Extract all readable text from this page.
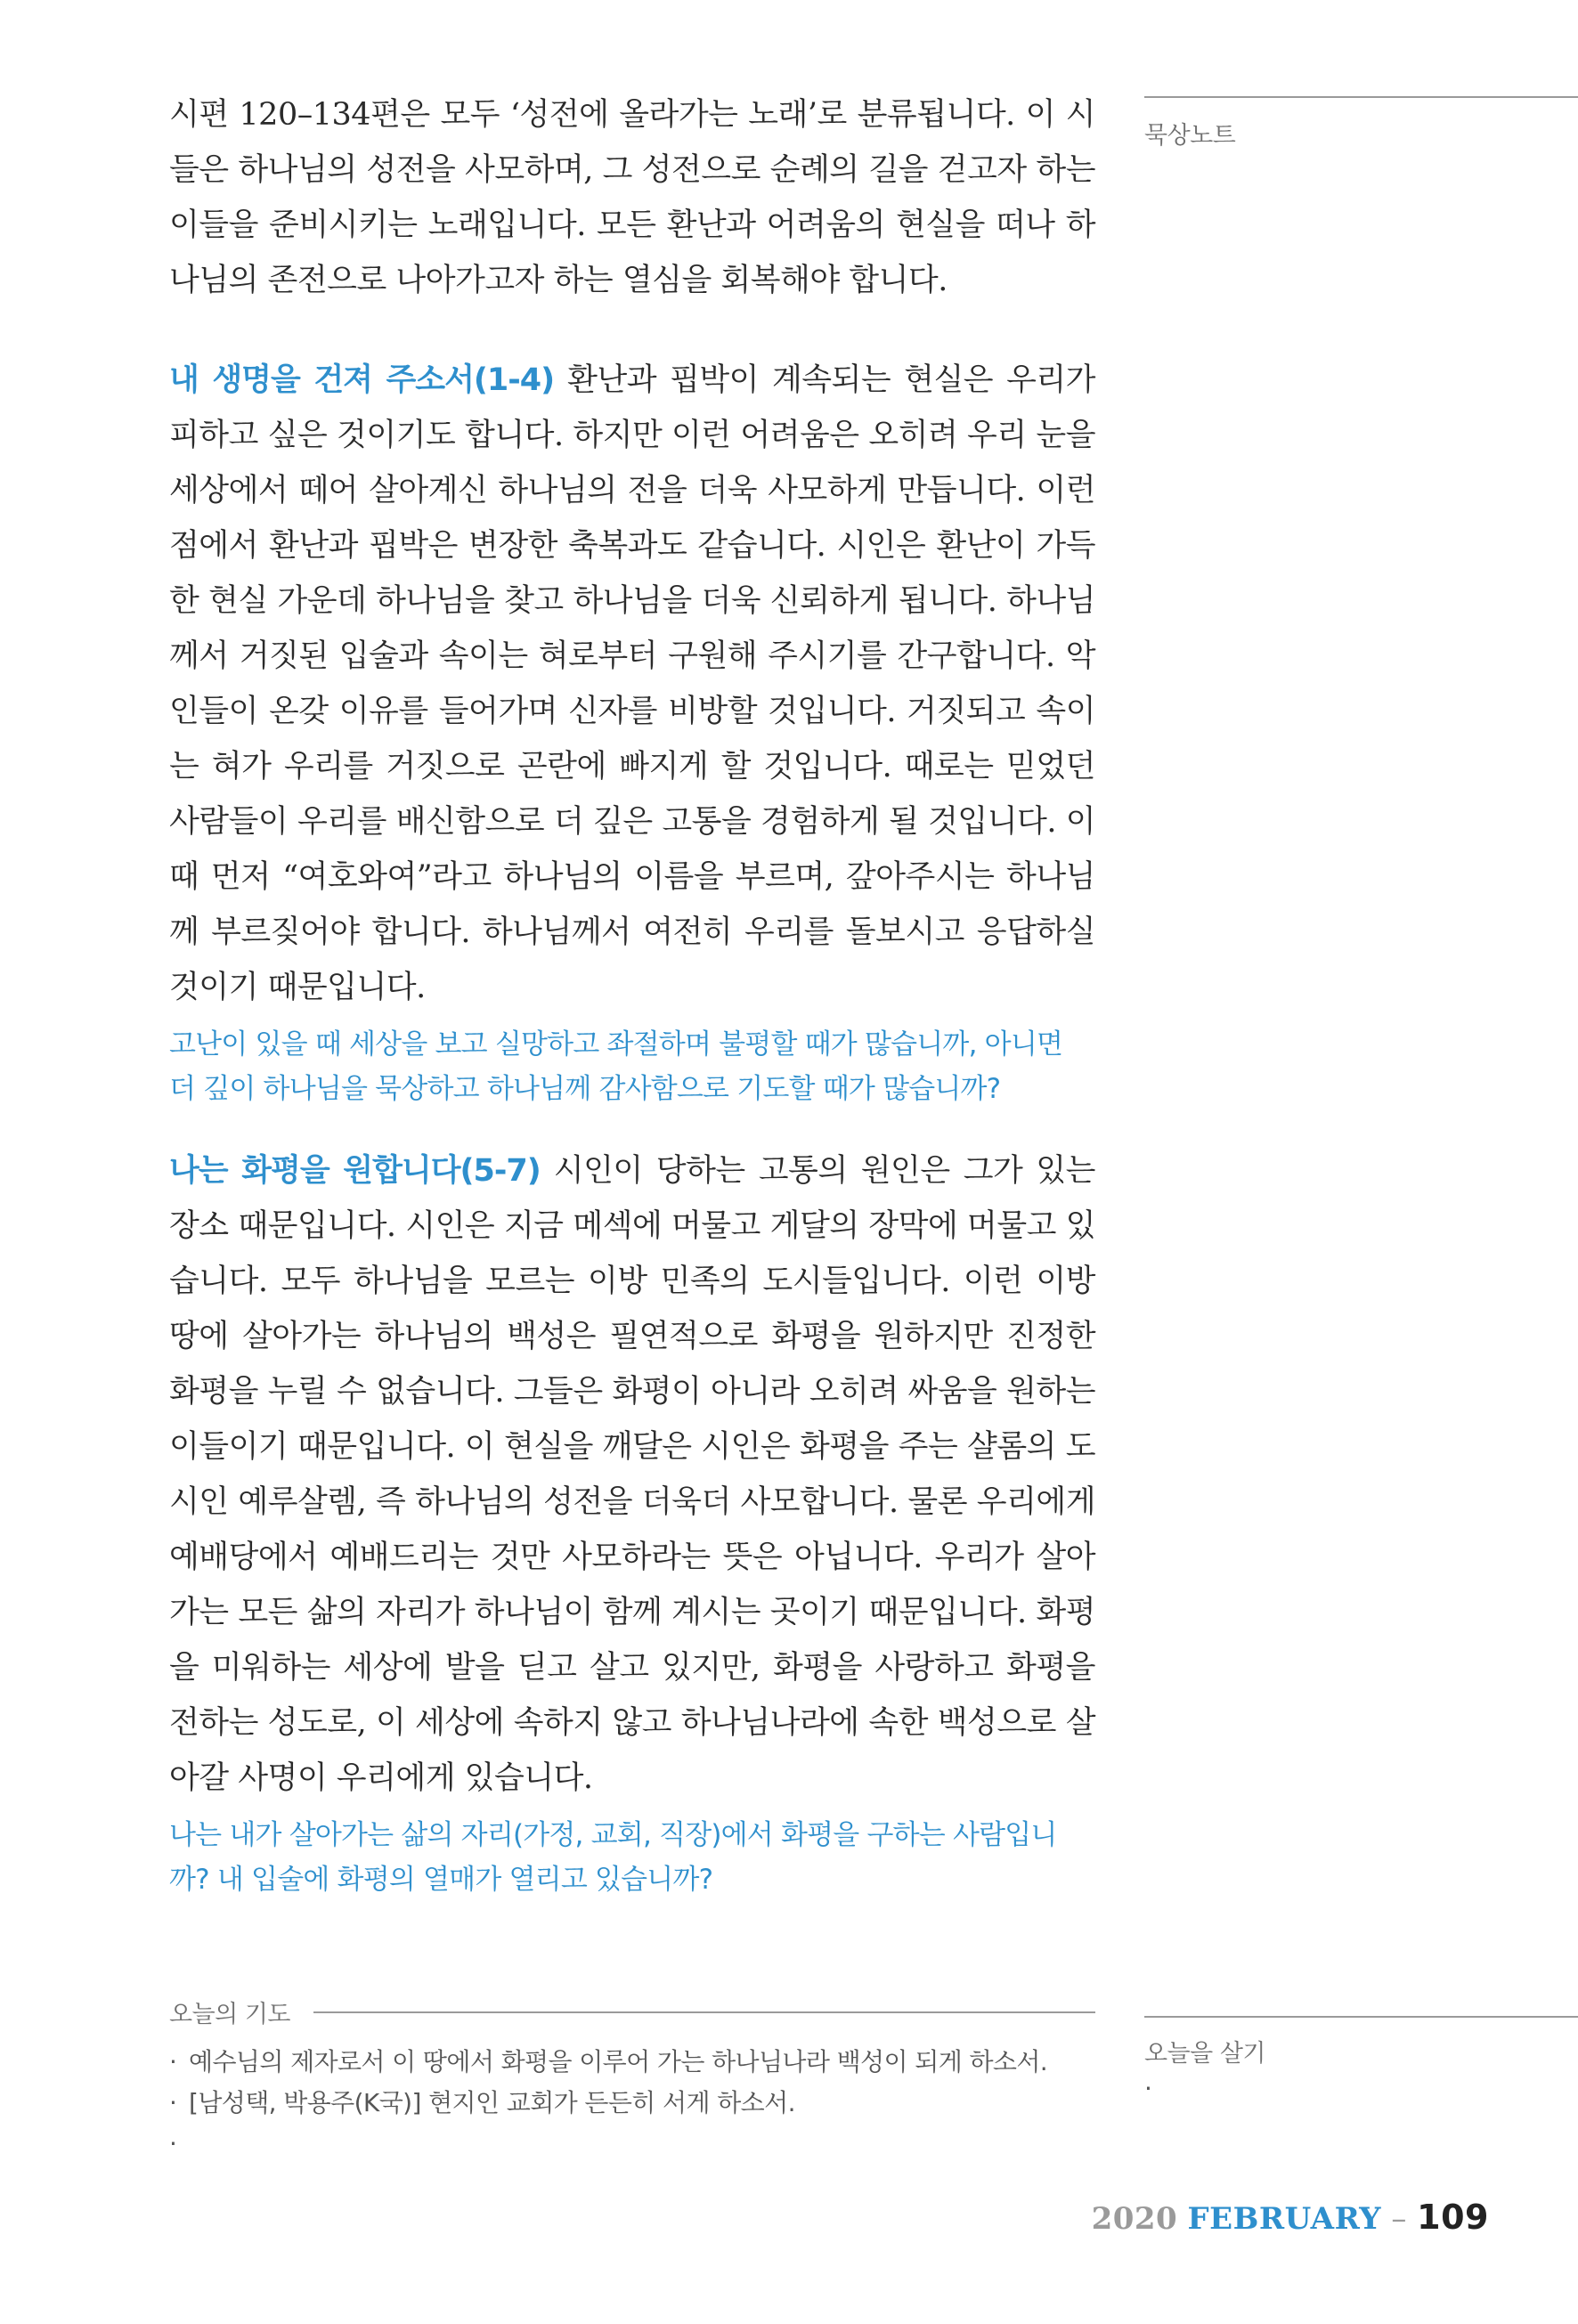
시편 120–134편은 모두 ‘성전에 올라가는 노래’로 분류됩니다. 이 시들은 하나님의 성전을 사모하며, 그 성전으로 순례의 길을 걷고자 하는 이들을 준비시키는 노래입니다. 모든 환난과 어려움의 현실을 떠나 하나님의 존전으로 나아가고자 하는 열심을 회복해야 합니다.

내 생명을 건져 주소서(1-4) 환난과 핍박이 계속되는 현실은 우리가 피하고 싶은 것이기도 합니다. 하지만 이런 어려움은 오히려 우리 눈을 세상에서 떼어 살아계신 하나님의 전을 더욱 사모하게 만듭니다. 이런 점에서 환난과 핍박은 변장한 축복과도 같습니다. 시인은 환난이 가득한 현실 가운데 하나님을 찾고 하나님을 더욱 신뢰하게 됩니다. 하나님께서 거짓된 입술과 속이는 혀로부터 구원해 주시기를 간구합니다. 악인들이 온갖 이유를 들어가며 신자를 비방할 것입니다. 거짓되고 속이는 혀가 우리를 거짓으로 곤란에 빠지게 할 것입니다. 때로는 믿었던 사람들이 우리를 배신함으로 더 깊은 고통을 경험하게 될 것입니다. 이때 먼저 “여호와여”라고 하나님의 이름을 부르며, 갚아주시는 하나님께 부르짖어야 합니다. 하나님께서 여전히 우리를 돌보시고 응답하실 것이기 때문입니다.

고난이 있을 때 세상을 보고 실망하고 좌절하며 불평할 때가 많습니까, 아니면 더 깊이 하나님을 묵상하고 하나님께 감사함으로 기도할 때가 많습니까?

나는 화평을 원합니다(5-7) 시인이 당하는 고통의 원인은 그가 있는 장소 때문입니다. 시인은 지금 메섹에 머물고 게달의 장막에 머물고 있습니다. 모두 하나님을 모르는 이방 민족의 도시들입니다. 이런 이방 땅에 살아가는 하나님의 백성은 필연적으로 화평을 원하지만 진정한 화평을 누릴 수 없습니다. 그들은 화평이 아니라 오히려 싸움을 원하는 이들이기 때문입니다. 이 현실을 깨달은 시인은 화평을 주는 샬롬의 도시인 예루살렘, 즉 하나님의 성전을 더욱더 사모합니다. 물론 우리에게 예배당에서 예배드리는 것만 사모하라는 뜻은 아닙니다. 우리가 살아가는 모든 삶의 자리가 하나님이 함께 계시는 곳이기 때문입니다. 화평을 미워하는 세상에 발을 딛고 살고 있지만, 화평을 사랑하고 화평을 전하는 성도로, 이 세상에 속하지 않고 하나님나라에 속한 백성으로 살아갈 사명이 우리에게 있습니다.

나는 내가 살아가는 삶의 자리(가정, 교회, 직장)에서 화평을 구하는 사람입니까? 내 입술에 화평의 열매가 열리고 있습니까?

묵상노트
오늘의 기도
· 예수님의 제자로서 이 땅에서 화평을 이루어 가는 하나님나라 백성이 되게 하소서.
· [남성택, 박용주(K국)] 현지인 교회가 든든히 서게 하소서.
·
오늘을 살기
·
2020 FEBRUARY – 109
